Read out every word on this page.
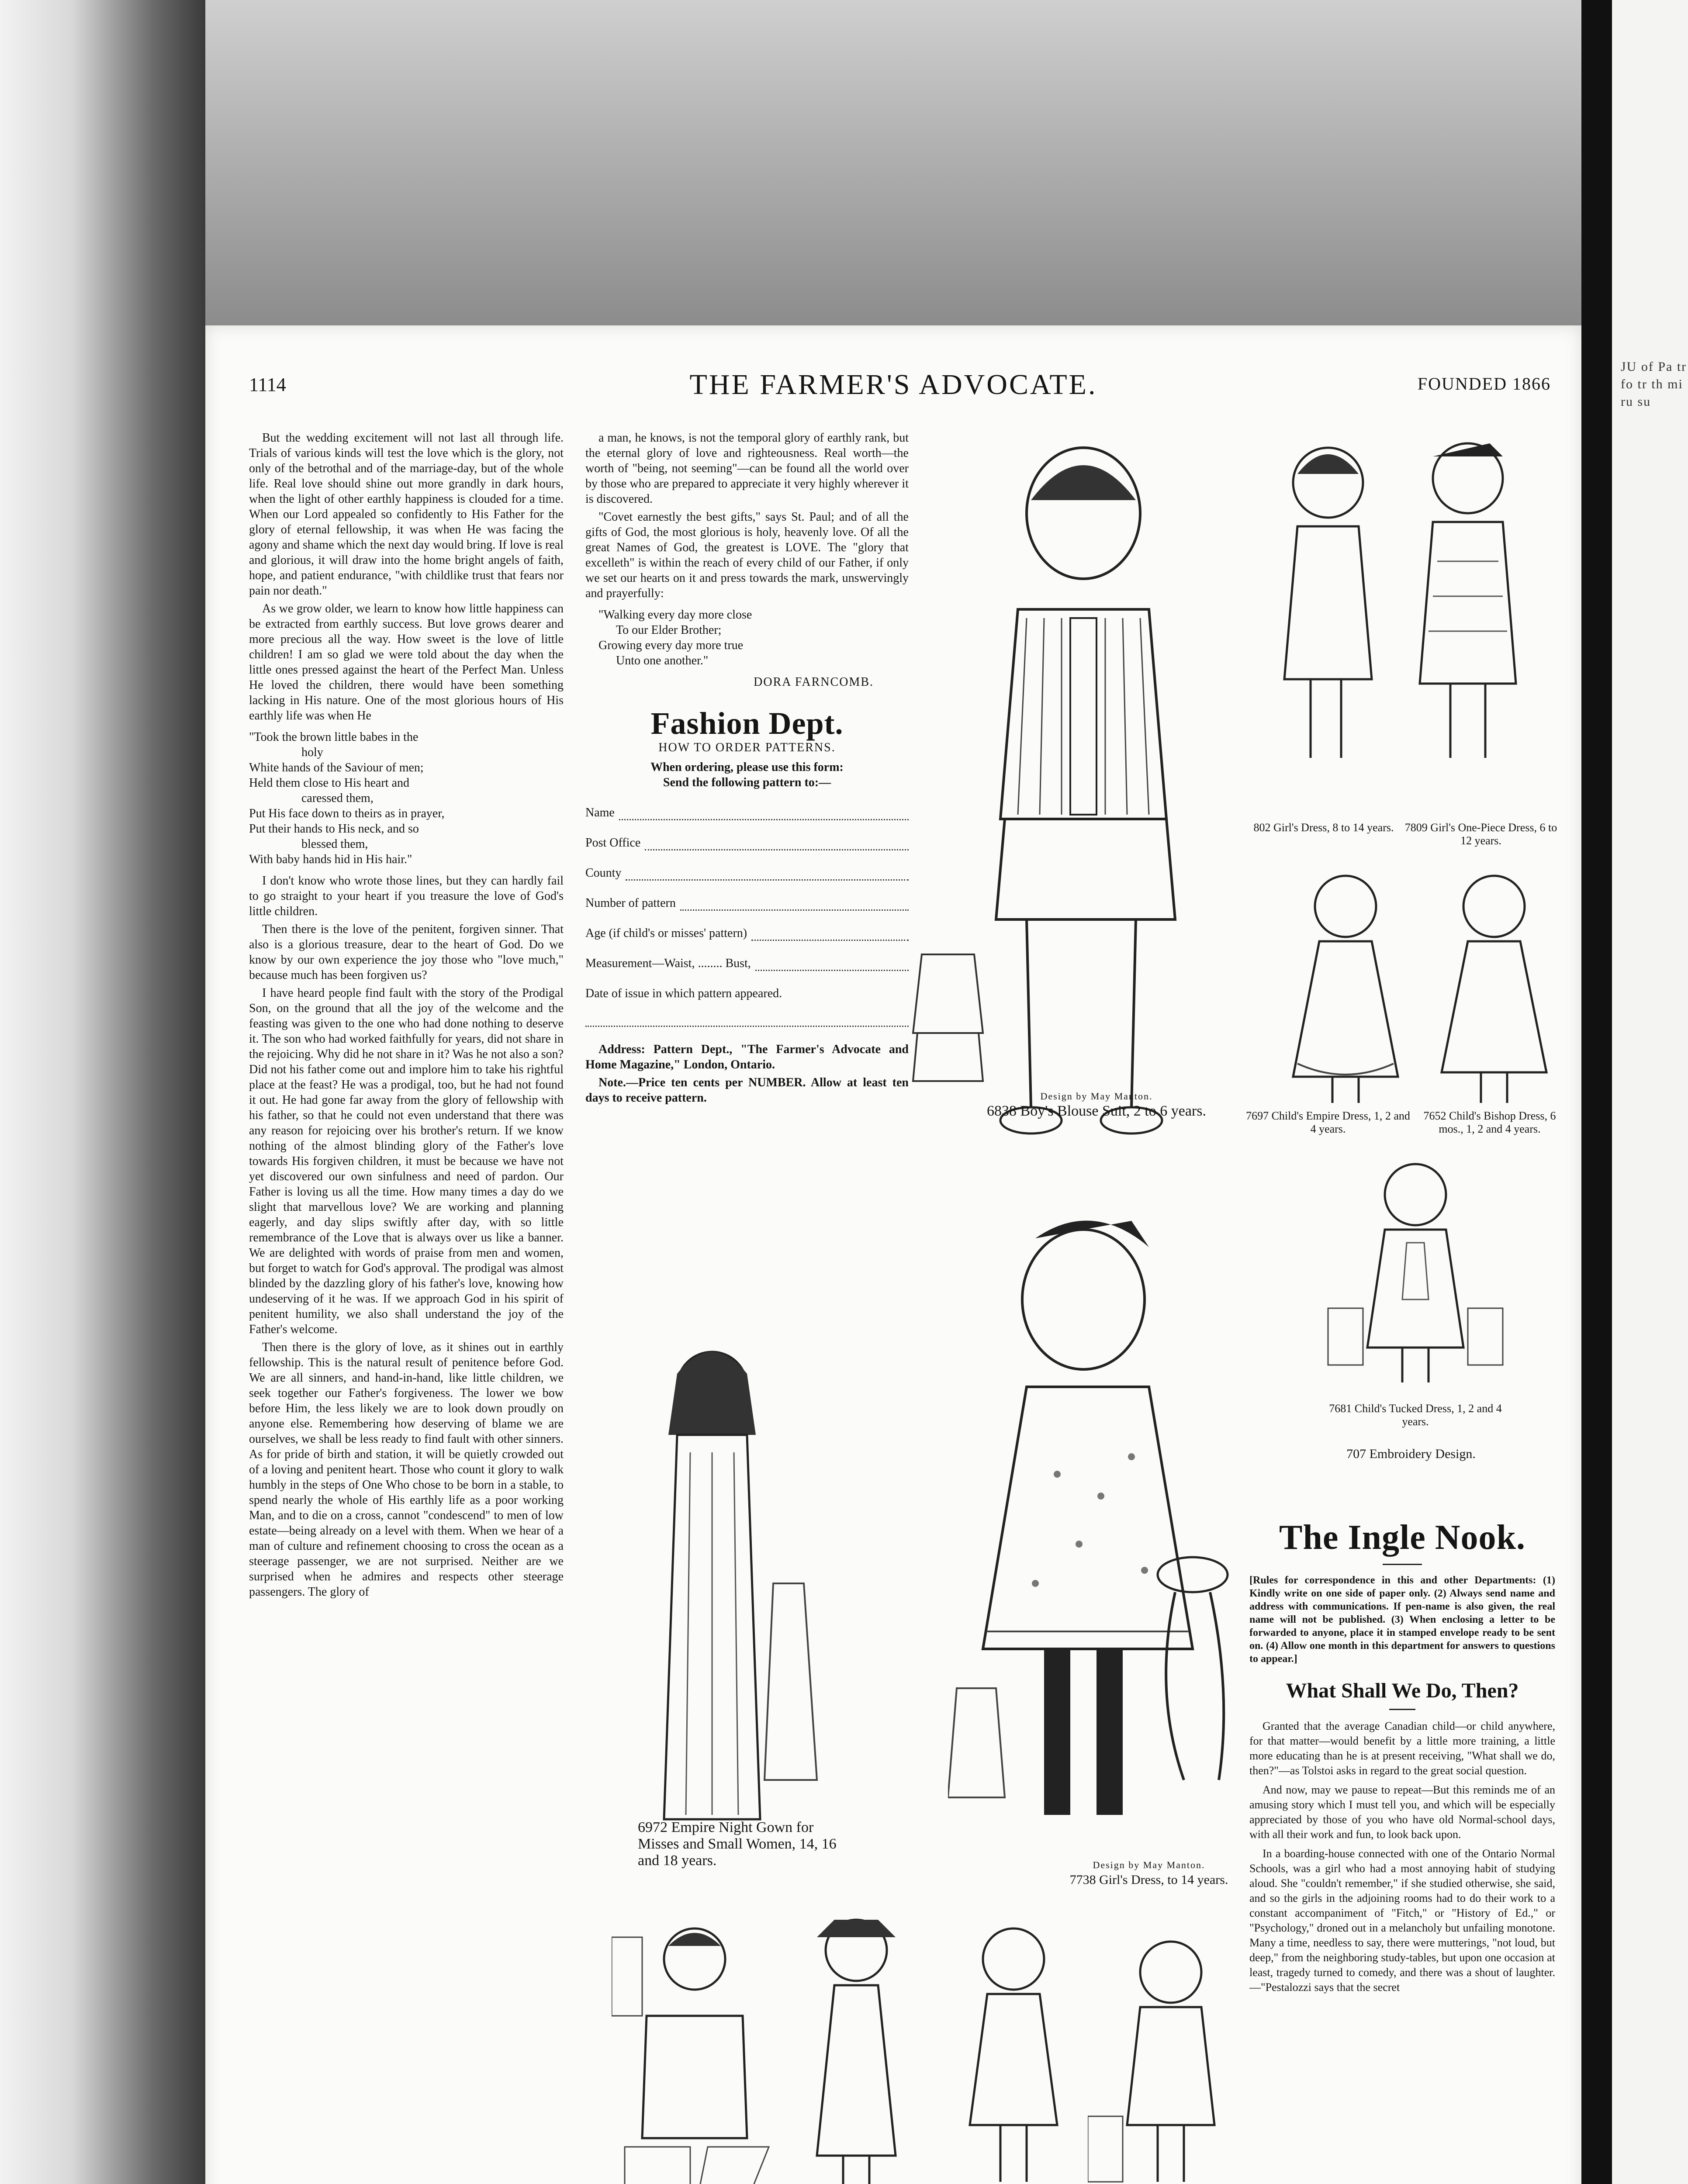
JU of Pa tr fo tr th mi ru su
1114	THE FARMER'S ADVOCATE.	FOUNDED 1866

But the wedding excitement will not last all through life. Trials of various kinds will test the love which is the glory, not only of the betrothal and of the marriage-day, but of the whole life. Real love should shine out more grandly in dark hours, when the light of other earthly happiness is clouded for a time. When our Lord appealed so confidently to His Father for the glory of eternal fellowship, it was when He was facing the agony and shame which the next day would bring. If love is real and glorious, it will draw into the home bright angels of faith, hope, and patient endurance, "with childlike trust that fears nor pain nor death."

As we grow older, we learn to know how little happiness can be extracted from earthly success. But love grows dearer and more precious all the way. How sweet is the love of little children! I am so glad we were told about the day when the little ones pressed against the heart of the Perfect Man. Unless He loved the children, there would have been something lacking in His nature. One of the most glorious hours of His earthly life was when He

"Took the brown little babes in the
holy
White hands of the Saviour of men;
Held them close to His heart and
caressed them,
Put His face down to theirs as in prayer,
Put their hands to His neck, and so
blessed them,
With baby hands hid in His hair."

I don't know who wrote those lines, but they can hardly fail to go straight to your heart if you treasure the love of God's little children.

Then there is the love of the penitent, forgiven sinner. That also is a glorious treasure, dear to the heart of God. Do we know by our own experience the joy those who "love much," because much has been forgiven us?

I have heard people find fault with the story of the Prodigal Son, on the ground that all the joy of the welcome and the feasting was given to the one who had done nothing to deserve it. The son who had worked faithfully for years, did not share in the rejoicing. Why did he not share in it? Was he not also a son? Did not his father come out and implore him to take his rightful place at the feast? He was a prodigal, too, but he had not found it out. He had gone far away from the glory of fellowship with his father, so that he could not even understand that there was any reason for rejoicing over his brother's return. If we know nothing of the almost blinding glory of the Father's love towards His forgiven children, it must be because we have not yet discovered our own sinfulness and need of pardon. Our Father is loving us all the time. How many times a day do we slight that marvellous love? We are working and planning eagerly, and day slips swiftly after day, with so little remembrance of the Love that is always over us like a banner. We are delighted with words of praise from men and women, but forget to watch for God's approval. The prodigal was almost blinded by the dazzling glory of his father's love, knowing how undeserving of it he was. If we approach God in his spirit of penitent humility, we also shall understand the joy of the Father's welcome.

Then there is the glory of love, as it shines out in earthly fellowship. This is the natural result of penitence before God. We are all sinners, and hand-in-hand, like little children, we seek together our Father's forgiveness. The lower we bow before Him, the less likely we are to look down proudly on anyone else. Remembering how deserving of blame we are ourselves, we shall be less ready to find fault with other sinners. As for pride of birth and station, it will be quietly crowded out of a loving and penitent heart. Those who count it glory to walk humbly in the steps of One Who chose to be born in a stable, to spend nearly the whole of His earthly life as a poor working Man, and to die on a cross, cannot "condescend" to men of low estate—being already on a level with them. When we hear of a man of culture and refinement choosing to cross the ocean as a steerage passenger, we are not surprised. Neither are we surprised when he admires and respects other steerage passengers. The glory of

a man, he knows, is not the temporal glory of earthly rank, but the eternal glory of love and righteousness. Real worth—the worth of "being, not seeming"—can be found all the world over by those who are prepared to appreciate it very highly wherever it is discovered.

"Covet earnestly the best gifts," says St. Paul; and of all the gifts of God, the most glorious is holy, heavenly love. Of all the great Names of God, the greatest is LOVE. The "glory that excelleth" is within the reach of every child of our Father, if only we set our hearts on it and press towards the mark, unswervingly and prayerfully:

"Walking every day more close
To our Elder Brother;
Growing every day more true
Unto one another."
DORA FARNCOMB.
Fashion Dept.
HOW TO ORDER PATTERNS.
When ordering, please use this form:
Send the following pattern to:—
Name
Post Office
County
Number of pattern
Age (if child's or misses' pattern)
Measurement—Waist, ........ Bust,
Date of issue in which pattern appeared.

Address: Pattern Dept., "The Farmer's Advocate and Home Magazine," London, Ontario.

Note.—Price ten cents per NUMBER. Allow at least ten days to receive pattern.	Design by May Manton.
6838 Boy's Blouse Suit, 2 to 6 years.
802 Girl's Dress, 8 to 14 years. 7809 Girl's One-Piece Dress, 6 to 12 years.
7697 Child's Empire Dress, 1, 2 and 4 years.
7652 Child's Bishop Dress, 6 mos., 1, 2 and 4 years.
7681 Child's Tucked Dress, 1, 2 and 4 years.
707 Embroidery Design.
6972 Empire Night Gown for Misses and Small Women, 14, 16 and 18 years.	Design by May Manton.
7738 Girl's Dress, to 14 years.
The Ingle Nook.
[Rules for correspondence in this and other Departments: (1) Kindly write on one side of paper only. (2) Always send name and address with communications. If pen-name is also given, the real name will not be published. (3) When enclosing a letter to be forwarded to anyone, place it in stamped envelope ready to be sent on. (4) Allow one month in this department for answers to questions to appear.]
What Shall We Do, Then?

Granted that the average Canadian child—or child anywhere, for that matter—would benefit by a little more training, a little more educating than he is at present receiving, "What shall we do, then?"—as Tolstoi asks in regard to the great social question.

And now, may we pause to repeat—But this reminds me of an amusing story which I must tell you, and which will be especially appreciated by those of you who have old Normal-school days, with all their work and fun, to look back upon.

In a boarding-house connected with one of the Ontario Normal Schools, was a girl who had a most annoying habit of studying aloud. She "couldn't remember," if she studied otherwise, she said, and so the girls in the adjoining rooms had to do their work to a constant accompaniment of "Fitch," or "History of Ed.," or "Psychology," droned out in a melancholy but unfailing monotone. Many a time, needless to say, there were mutterings, "not loud, but deep," from the neighboring study-tables, but upon one occasion at least, tragedy turned to comedy, and there was a shout of laughter.—"Pestalozzi says that the secret
